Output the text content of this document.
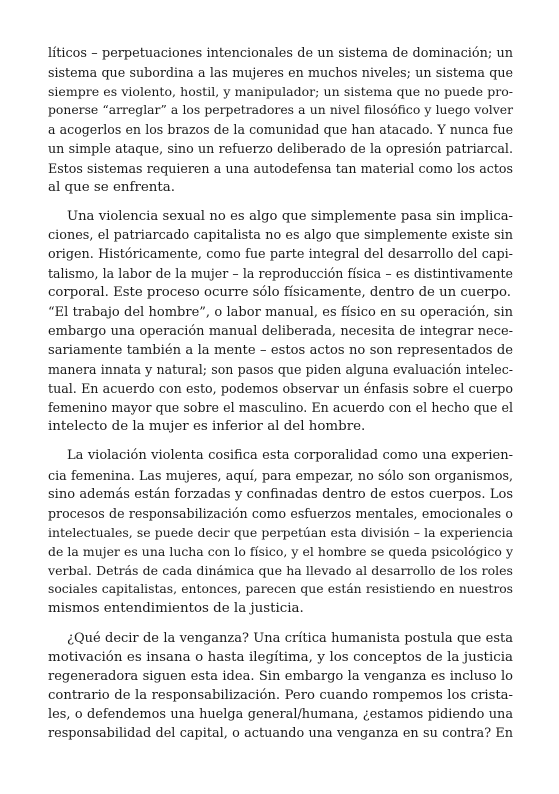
líticos – perpetuaciones intencionales de un sistema de dominación; un
sistema que subordina a las mujeres en muchos niveles; un sistema que
siempre es violento, hostil, y manipulador; un sistema que no puede pro-
ponerse “arreglar” a los perpetradores a un nivel filosófico y luego volver
a acogerlos en los brazos de la comunidad que han atacado. Y nunca fue
un simple ataque, sino un refuerzo deliberado de la opresión patriarcal.
Estos sistemas requieren a una autodefensa tan material como los actos
al que se enfrenta.
Una violencia sexual no es algo que simplemente pasa sin implica-
ciones, el patriarcado capitalista no es algo que simplemente existe sin
origen. Históricamente, como fue parte integral del desarrollo del capi-
talismo, la labor de la mujer – la reproducción física – es distintivamente
corporal. Este proceso ocurre sólo físicamente, dentro de un cuerpo.
“El trabajo del hombre”, o labor manual, es físico en su operación, sin
embargo una operación manual deliberada, necesita de integrar nece-
sariamente también a la mente – estos actos no son representados de
manera innata y natural; son pasos que piden alguna evaluación intelec-
tual. En acuerdo con esto, podemos observar un énfasis sobre el cuerpo
femenino mayor que sobre el masculino. En acuerdo con el hecho que el
intelecto de la mujer es inferior al del hombre.
La violación violenta cosifica esta corporalidad como una experien-
cia femenina. Las mujeres, aquí, para empezar, no sólo son organismos,
sino además están forzadas y confinadas dentro de estos cuerpos. Los
procesos de responsabilización como esfuerzos mentales, emocionales o
intelectuales, se puede decir que perpetúan esta división – la experiencia
de la mujer es una lucha con lo físico, y el hombre se queda psicológico y
verbal. Detrás de cada dinámica que ha llevado al desarrollo de los roles
sociales capitalistas, entonces, parecen que están resistiendo en nuestros
mismos entendimientos de la justicia.
¿Qué decir de la venganza? Una crítica humanista postula que esta
motivación es insana o hasta ilegítima, y los conceptos de la justicia
regeneradora siguen esta idea. Sin embargo la venganza es incluso lo
contrario de la responsabilización. Pero cuando rompemos los crista-
les, o defendemos una huelga general/humana, ¿estamos pidiendo una
responsabilidad del capital, o actuando una venganza en su contra? En
